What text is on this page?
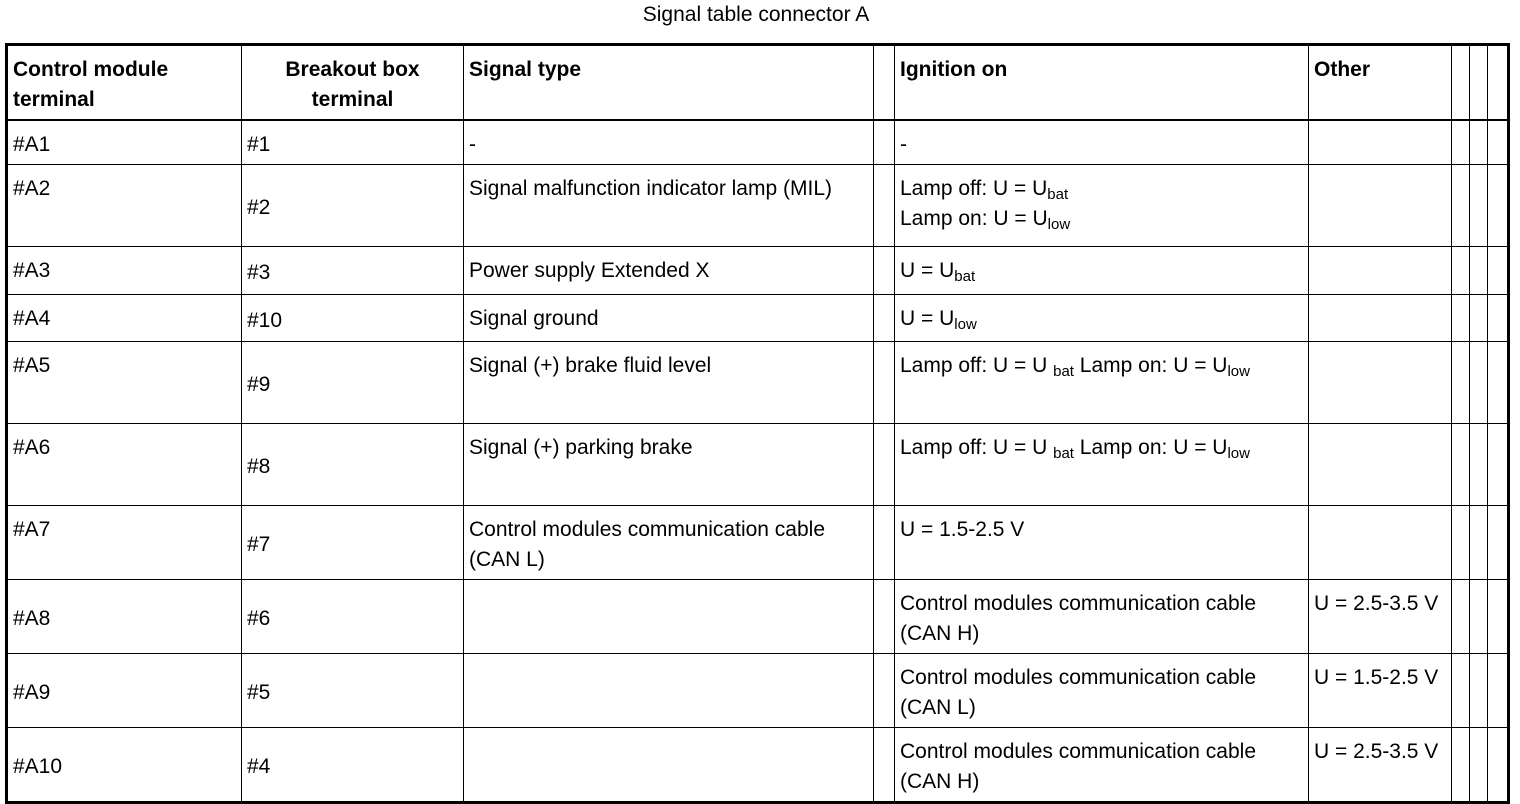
Signal table connector A
Control module terminal	Breakout box terminal	Signal type		Ignition on	Other			
#A1	#1	-		-				
#A2	#2	Signal malfunction indicator lamp (MIL)		Lamp off: $U = U_{bat}$
Lamp on: $U = U_{low}$

#A3	#3	Power supply Extended X		$U = U_{bat}$				
#A4	#10	Signal ground		$U = U_{low}$				
#A5	#9	Signal (+) brake fluid level		Lamp off: U = U $_{bat}$ Lamp on: $U = U_{low}$				
#A6	#8	Signal (+) parking brake		Lamp off: U = U $_{bat}$ Lamp on: $U = U_{low}$				
#A7	#7	Control modules communication cable (CAN L)		U = 1.5-2.5 V				
#A8	#6			Control modules communication cable (CAN H)	U = 2.5-3.5 V			
#A9	#5			Control modules communication cable (CAN L)	U = 1.5-2.5 V			
#A10	#4			Control modules communication cable (CAN H)	U = 2.5-3.5 V			
